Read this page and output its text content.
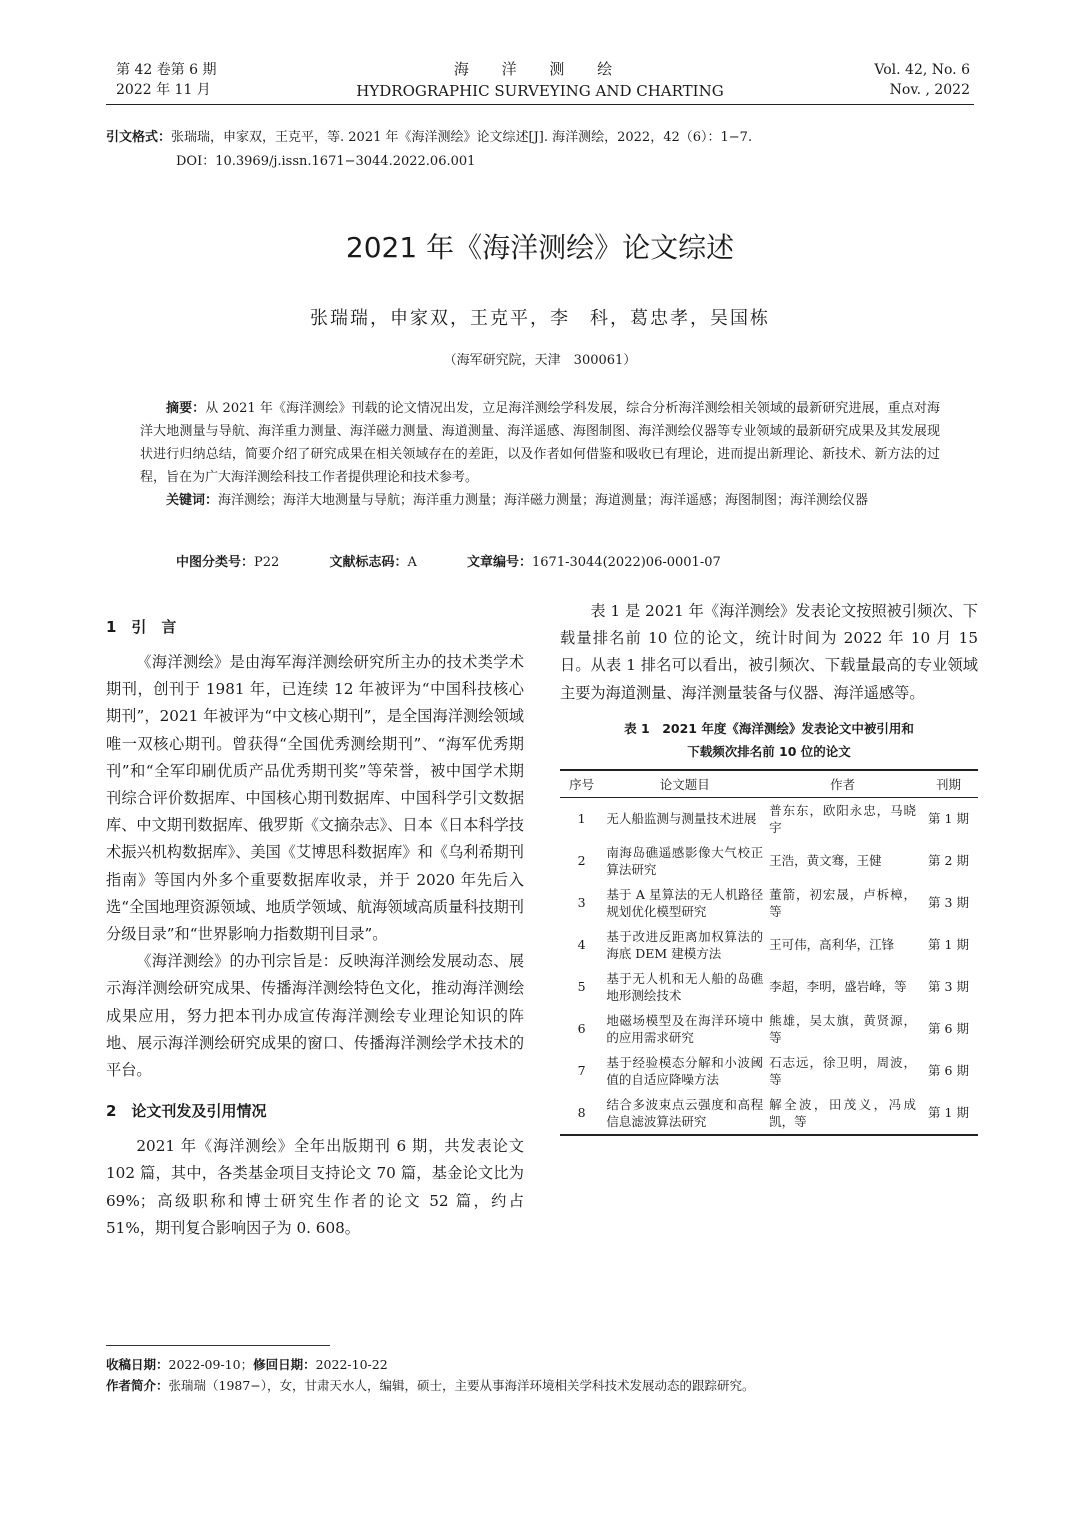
第 42 卷第 6 期
2022 年 11 月
海 洋 测 绘
HYDROGRAPHIC SURVEYING AND CHARTING
Vol. 42, No. 6
Nov. , 2022
引文格式：张瑞瑞，申家双，王克平，等. 2021 年《海洋测绘》论文综述[J]. 海洋测绘，2022，42（6）：1−7.
DOI：10.3969/j.issn.1671−3044.2022.06.001
2021 年《海洋测绘》论文综述
张瑞瑞，申家双，王克平，李　科，葛忠孝，吴国栋
（海军研究院，天津　300061）
摘要：从 2021 年《海洋测绘》刊载的论文情况出发，立足海洋测绘学科发展，综合分析海洋测绘相关领域的最新研究进展，重点对海洋大地测量与导航、海洋重力测量、海洋磁力测量、海道测量、海洋遥感、海图制图、海洋测绘仪器等专业领域的最新研究成果及其发展现状进行归纳总结，简要介绍了研究成果在相关领域存在的差距，以及作者如何借鉴和吸收已有理论，进而提出新理论、新技术、新方法的过程，旨在为广大海洋测绘科技工作者提供理论和技术参考。
关键词：海洋测绘；海洋大地测量与导航；海洋重力测量；海洋磁力测量；海道测量；海洋遥感；海图制图；海洋测绘仪器
中图分类号：P22	文献标志码：A	文章编号：1671-3044(2022)06-0001-07
1　引　言

《海洋测绘》是由海军海洋测绘研究所主办的技术类学术期刊，创刊于 1981 年，已连续 12 年被评为“中国科技核心期刊”，2021 年被评为“中文核心期刊”，是全国海洋测绘领域唯一双核心期刊。曾获得“全国优秀测绘期刊”、“海军优秀期刊”和“全军印刷优质产品优秀期刊奖”等荣誉，被中国学术期刊综合评价数据库、中国核心期刊数据库、中国科学引文数据库、中文期刊数据库、俄罗斯《文摘杂志》、日本《日本科学技术振兴机构数据库》、美国《艾博思科数据库》和《乌利希期刊指南》等国内外多个重要数据库收录，并于 2020 年先后入选“全国地理资源领域、地质学领域、航海领域高质量科技期刊分级目录”和“世界影响力指数期刊目录”。

《海洋测绘》的办刊宗旨是：反映海洋测绘发展动态、展示海洋测绘研究成果、传播海洋测绘特色文化，推动海洋测绘成果应用，努力把本刊办成宣传海洋测绘专业理论知识的阵地、展示海洋测绘研究成果的窗口、传播海洋测绘学术技术的平台。

2　论文刊发及引用情况

2021 年《海洋测绘》全年出版期刊 6 期，共发表论文 102 篇，其中，各类基金项目支持论文 70 篇，基金论文比为 69%；高级职称和博士研究生作者的论文 52 篇，约占 51%，期刊复合影响因子为 0. 608。

表 1 是 2021 年《海洋测绘》发表论文按照被引频次、下载量排名前 10 位的论文，统计时间为 2022 年 10 月 15 日。从表 1 排名可以看出，被引频次、下载量最高的专业领域主要为海道测量、海洋测量装备与仪器、海洋遥感等。

表 1　2021 年度《海洋测绘》发表论文中被引用和
下载频次排名前 10 位的论文
序号	论文题目	作者	刊期
1	无人船监测与测量技术进展	普东东，欧阳永忠，马晓宇	第 1 期
2	南海岛礁遥感影像大气校正算法研究	王浩，黄文骞，王健	第 2 期
3	基于 A 星算法的无人机路径规划优化模型研究	董箭，初宏晟，卢柝樟，等	第 3 期
4	基于改进反距离加权算法的海底 DEM 建模方法	王可伟，高利华，江锋	第 1 期
5	基于无人机和无人船的岛礁地形测绘技术	李超，李明，盛岩峰，等	第 3 期
6	地磁场模型及在海洋环境中的应用需求研究	熊雄，吴太旗，黄贤源，等	第 6 期
7	基于经验模态分解和小波阈值的自适应降噪方法	石志远，徐卫明，周波，等	第 6 期
8	结合多波束点云强度和高程信息滤波算法研究	解全波，田茂义，冯成凯，等	第 1 期
收稿日期：2022-09-10；修回日期：2022-10-22
作者简介：张瑞瑞（1987−），女，甘肃天水人，编辑，硕士，主要从事海洋环境相关学科技术发展动态的跟踪研究。
